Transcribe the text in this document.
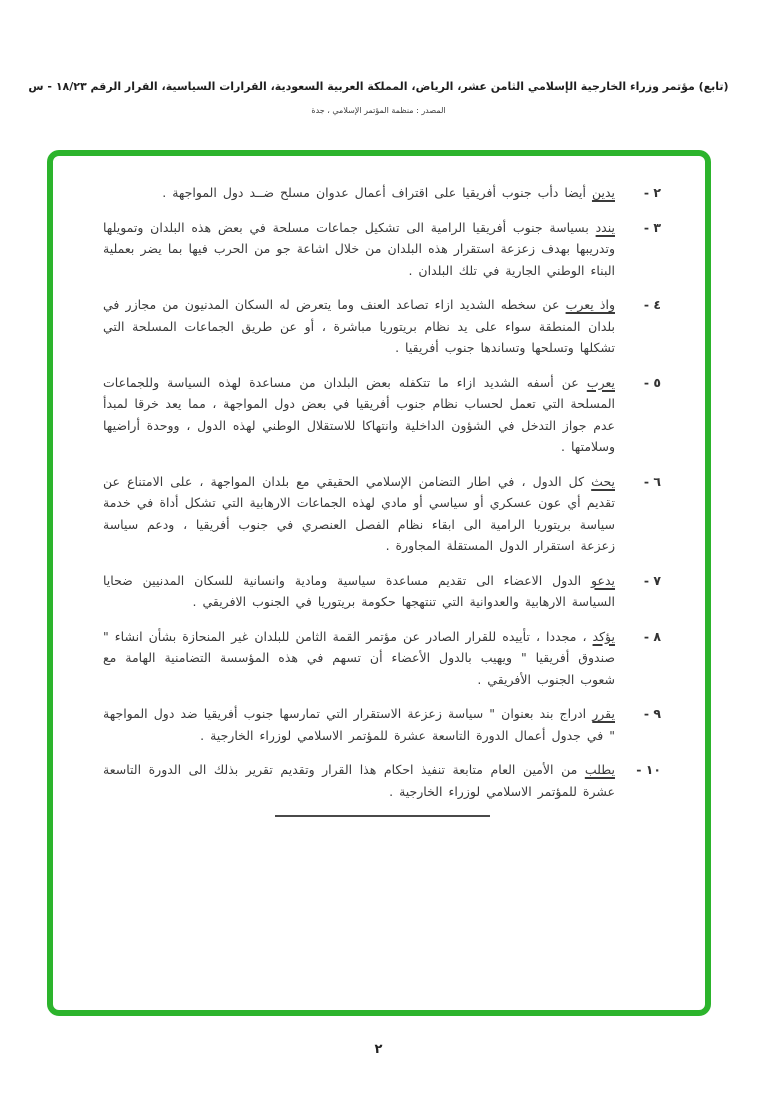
(تابع) مؤتمر وزراء الخارجية الإسلامي الثامن عشر، الرياض، المملكة العربية السعودية، القرارات السياسية، القرار الرقم ١٨/٢٣ - س
المصدر : منظمة المؤتمر الإسلامي ، جدة
٢ -
يدين أيضا دأب جنوب أفريقيا على اقتراف أعمال عدوان مسلح ضــد دول المواجهة .
٣ -
يندد بسياسة جنوب أفريقيا الرامية الى تشكيل جماعات مسلحة في بعض هذه البلدان وتمويلها وتدريبها بهدف زعزعة استقرار هذه البلدان من خلال اشاعة جو من الحرب فيها بما يضر بعملية البناء الوطني الجارية في تلك البلدان .
٤ -
واذ يعرب عن سخطه الشديد ازاء تصاعد العنف وما يتعرض له السكان المدنيون من مجازر في بلدان المنطقة سواء على يد نظام بريتوريا مباشرة ، أو عن طريق الجماعات المسلحة التي تشكلها وتسلحها وتساندها جنوب أفريقيا .
٥ -
يعرب عن أسفه الشديد ازاء ما تتكفله بعض البلدان من مساعدة لهذه السياسة وللجماعات المسلحة التي تعمل لحساب نظام جنوب أفريقيا في بعض دول المواجهة ، مما يعد خرقا لمبدأ عدم جواز التدخل في الشؤون الداخلية وانتهاكا للاستقلال الوطني لهذه الدول ، ووحدة أراضيها وسلامتها .
٦ -
يحث كل الدول ، في اطار التضامن الإسلامي الحقيقي مع بلدان المواجهة ، على الامتناع عن تقديم أي عون عسكري أو سياسي أو مادي لهذه الجماعات الارهابية التي تشكل أداة في خدمة سياسة بريتوريا الرامية الى ابقاء نظام الفصل العنصري في جنوب أفريقيا ، ودعم سياسة زعزعة استقرار الدول المستقلة المجاورة .
٧ -
يدعو الدول الاعضاء الى تقديم مساعدة سياسية ومادية وانسانية للسكان المدنيين ضحايا السياسة الارهابية والعدوانية التي تنتهجها حكومة بريتوريا في الجنوب الافريقي .
٨ -
يؤكد ، مجددا ، تأييده للقرار الصادر عن مؤتمر القمة الثامن للبلدان غير المنحازة بشأن انشاء " صندوق أفريقيا " ويهيب بالدول الأعضاء أن تسهم في هذه المؤسسة التضامنية الهامة مع شعوب الجنوب الأفريقي .
٩ -
يقرر ادراج بند بعنوان " سياسة زعزعة الاستقرار التي تمارسها جنوب أفريقيا ضد دول المواجهة " في جدول أعمال الدورة التاسعة عشرة للمؤتمر الاسلامي لوزراء الخارجية .
١٠ -
يطلب من الأمين العام متابعة تنفيذ احكام هذا القرار وتقديم تقرير بذلك الى الدورة التاسعة عشرة للمؤتمر الاسلامي لوزراء الخارجية .
٢
